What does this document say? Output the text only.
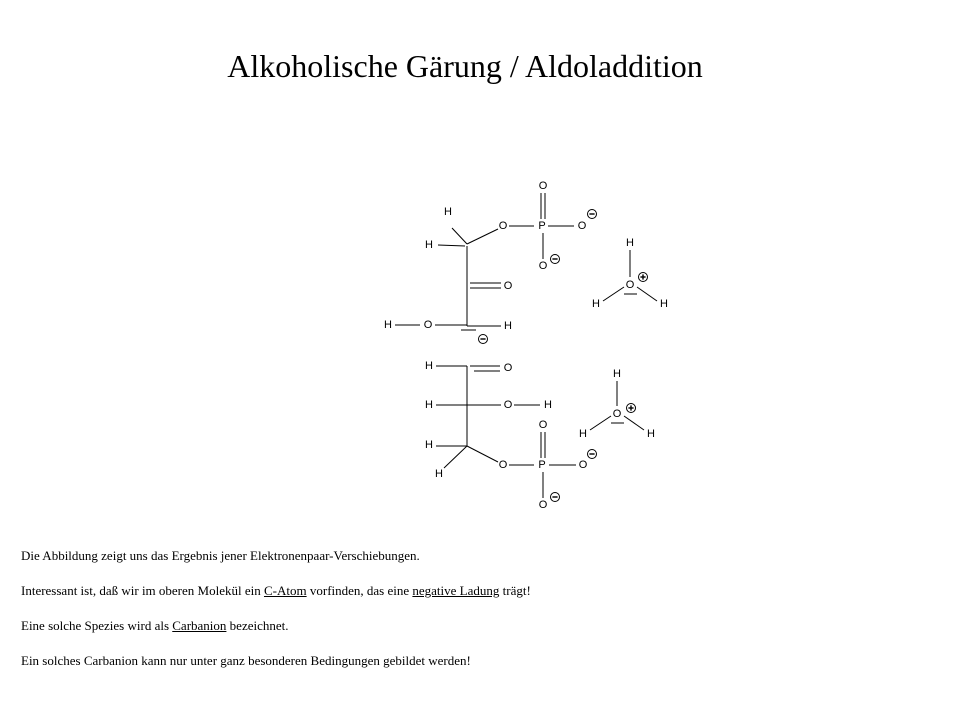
Alkoholische Gärung / Aldoladdition
H
H
O	P
O
O
O
O
H
O
H
H
O
H	H
H	O
H	O	H
H
H
O	P
O
O
O
H
O
H	H

Die Abbildung zeigt uns das Ergebnis jener Elektronenpaar-Verschiebungen.

Interessant ist, daß wir im oberen Molekül ein C-Atom vorfinden, das eine negative Ladung trägt!

Eine solche Spezies wird als Carbanion bezeichnet.

Ein solches Carbanion kann nur unter ganz besonderen Bedingungen gebildet werden!
